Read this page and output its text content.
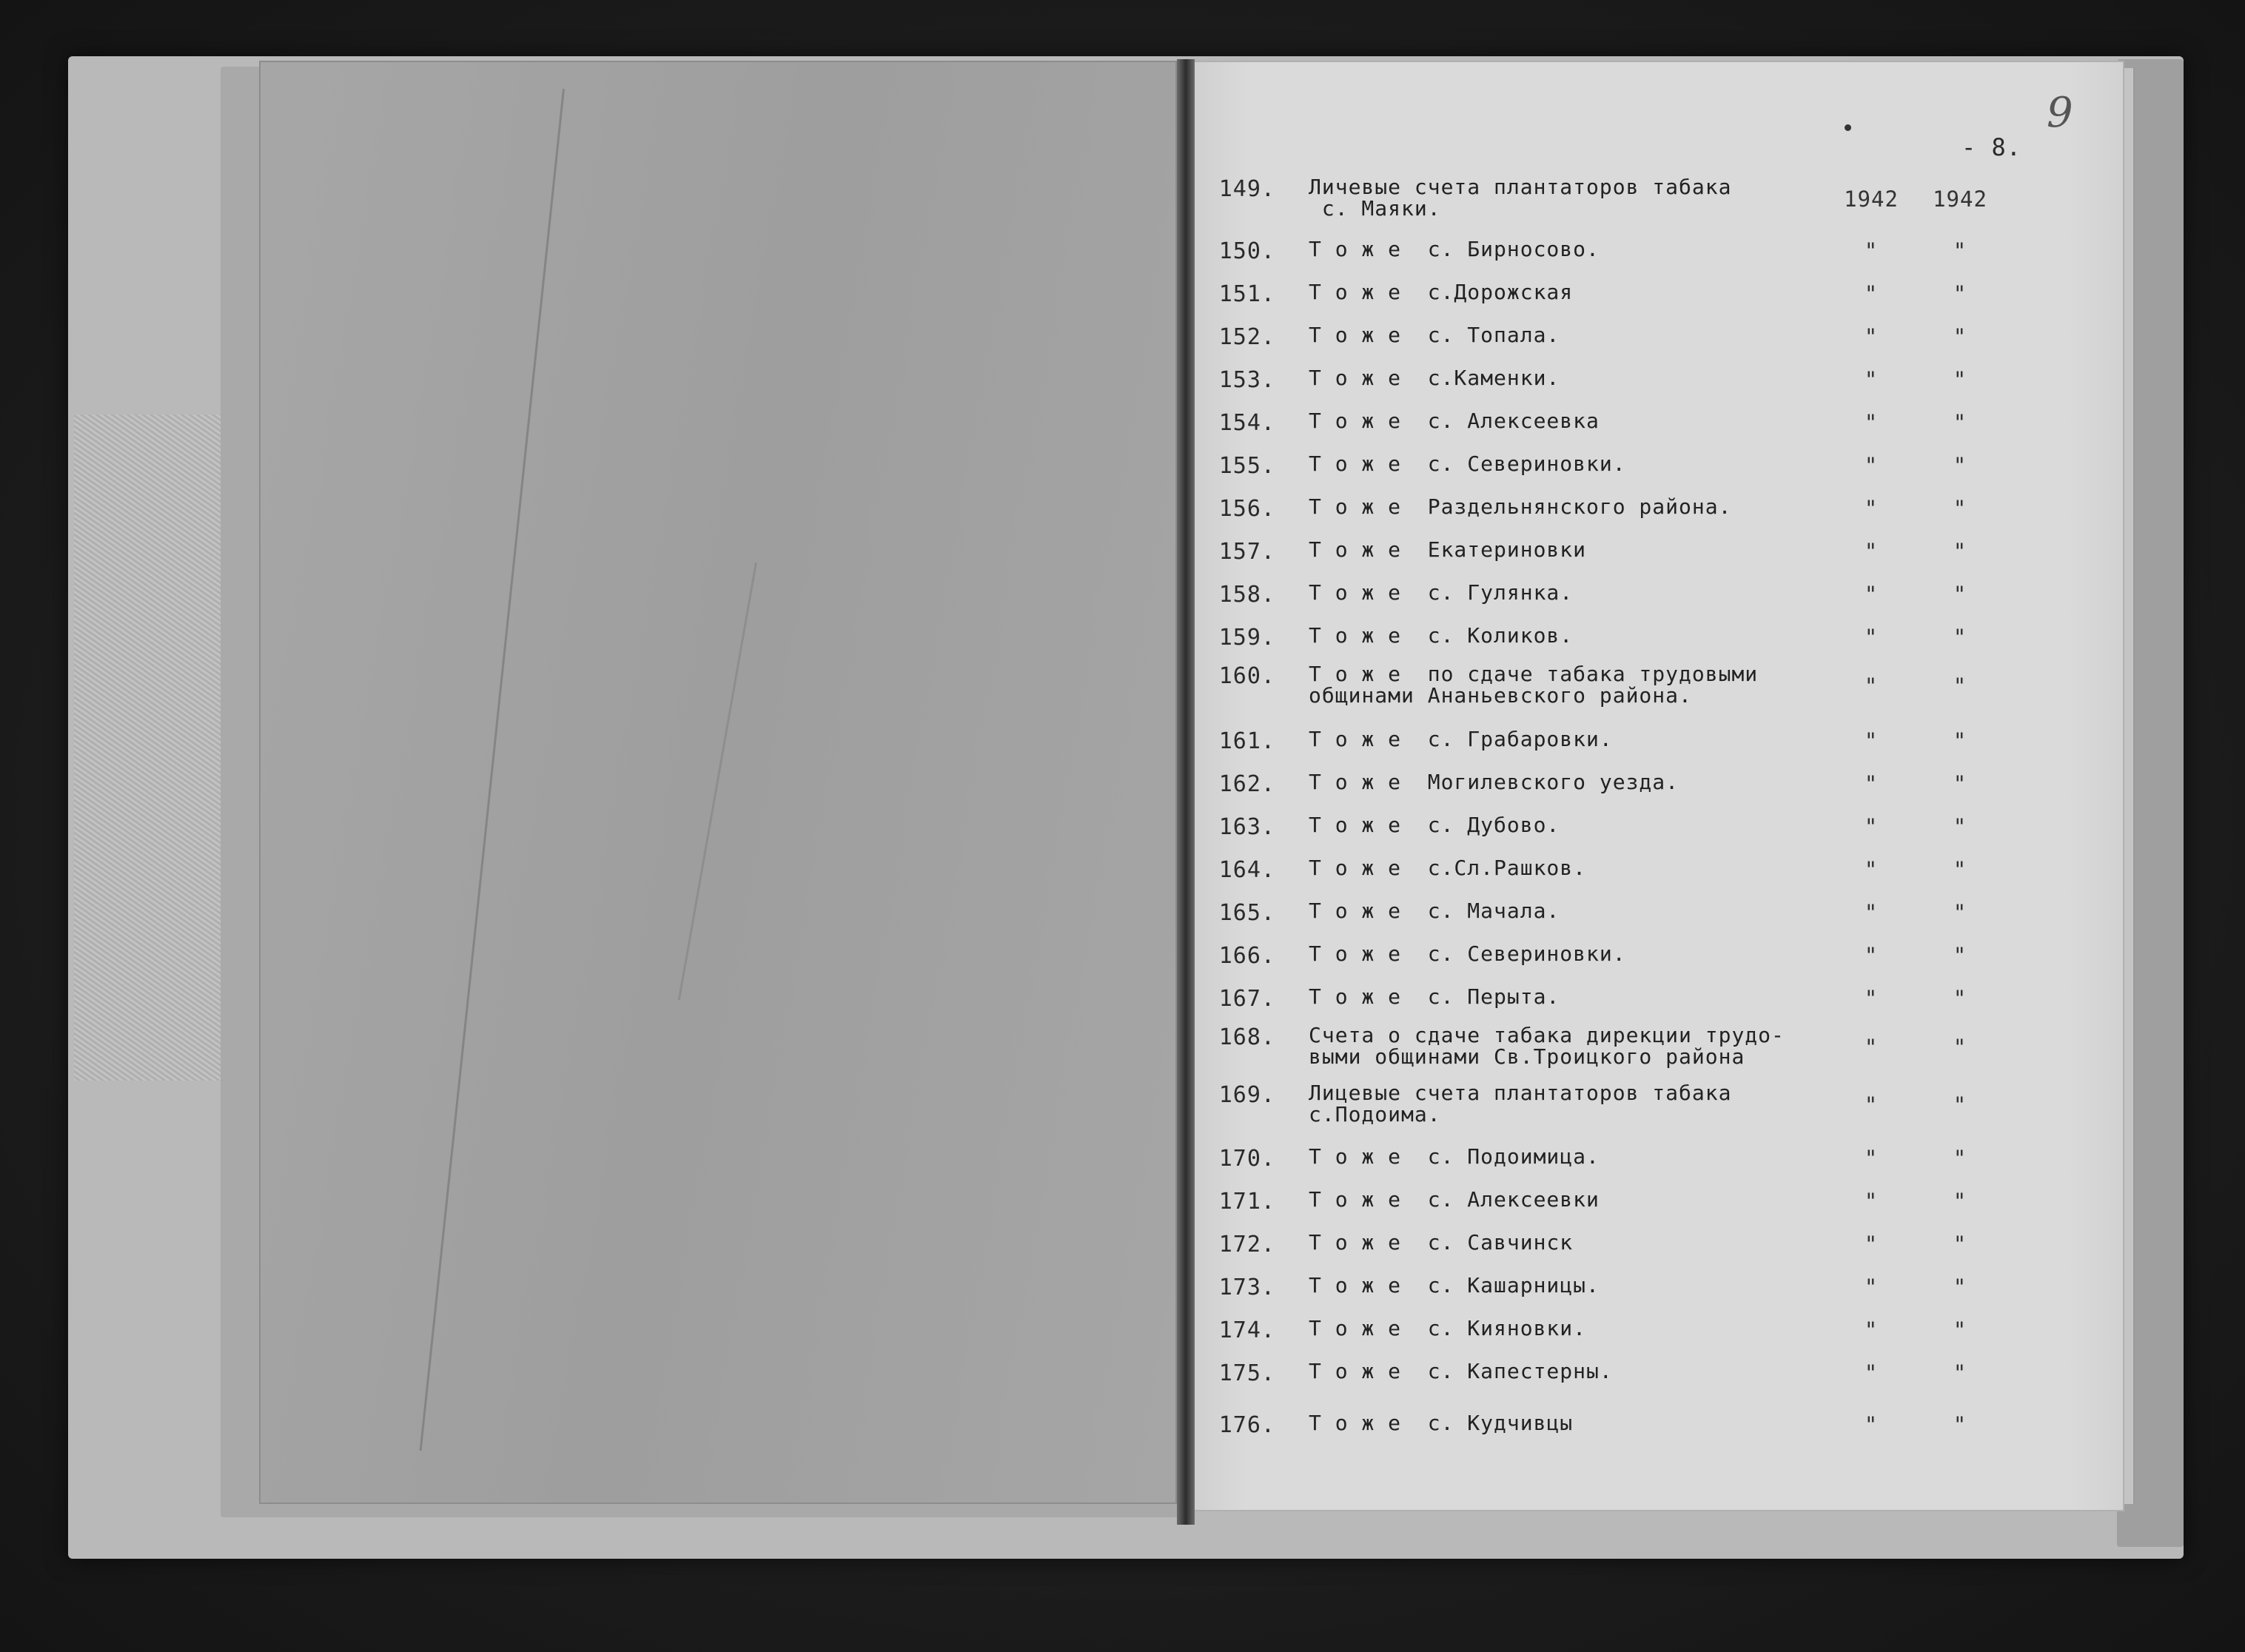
- 8.
9
149. Личевые счета плантаторов табака
с. Маяки.	1942 1942
150. Т о ж е  с. Бирносово.	"	"
151. Т о ж е  с.Дорожская	"	"
152. Т о ж е  с. Топала.	"	"
153. Т о ж е  с.Каменки.	"	"
154. Т о ж е  с. Алексеевка	"	"
155. Т о ж е  с. Севериновки.	"	"
156. Т о ж е  Раздельнянского района.	"	"
157. Т о ж е  Екатериновки	"	"
158. Т о ж е  с. Гулянка.	"	"
159. Т о ж е  с. Коликов.	"	"
160. Т о ж е  по сдаче табака трудовыми
общинами Ананьевского района.	"	"
161. Т о ж е  с. Грабаровки.	"	"
162. Т о ж е  Могилевского уезда.	"	"
163. Т о ж е  с. Дубово.	"	"
164. Т о ж е  с.Сл.Рашков.	"	"
165. Т о ж е  с. Мачала.	"	"
166. Т о ж е  с. Севериновки.	"	"
167. Т о ж е  с. Перыта.	"	"
168. Счета о сдаче табака дирекции трудо-
выми общинами Св.Троицкого района	"	"
169. Лицевые счета плантаторов табака
с.Подоима.	"	"
170. Т о ж е  с. Подоимица.	"	"
171. Т о ж е  с. Алексеевки	"	"
172. Т о ж е  с. Савчинск	"	"
173. Т о ж е  с. Кашарницы.	"	"
174. Т о ж е  с. Кияновки.	"	"
175. Т о ж е  с. Капестерны.	"	"
176. Т о ж е  с. Кудчивцы	"	"
